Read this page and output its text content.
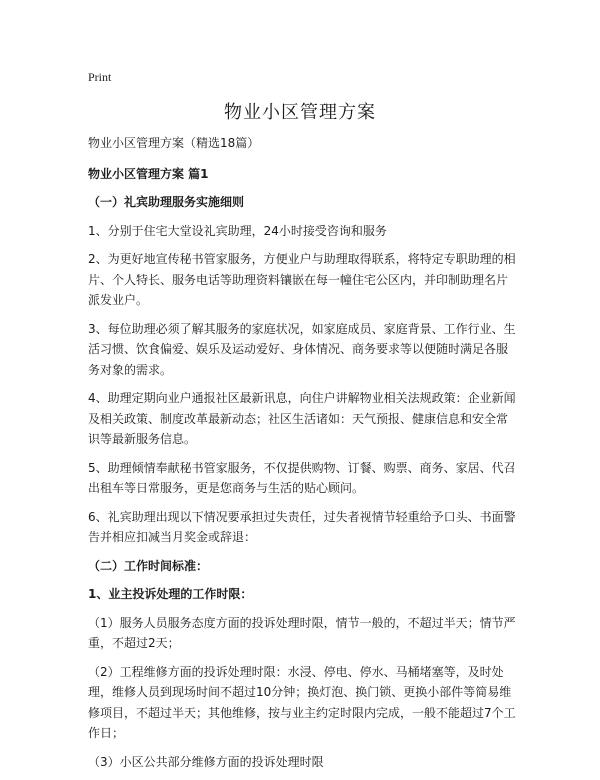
Print
物业小区管理方案

物业小区管理方案（精选18篇）

物业小区管理方案 篇1

（一）礼宾助理服务实施细则

1、分别于住宅大堂设礼宾助理，24小时接受咨询和服务

2、为更好地宣传秘书管家服务，方便业户与助理取得联系，将特定专职助理的相片、个人特长、服务电话等助理资料镶嵌在每一幢住宅公区内，并印制助理名片派发业户。

3、每位助理必须了解其服务的家庭状况，如家庭成员、家庭背景、工作行业、生活习惯、饮食偏爱、娱乐及运动爱好、身体情况、商务要求等以便随时满足各服务对象的需求。

4、助理定期向业户通报社区最新讯息，向住户讲解物业相关法规政策：企业新闻及相关政策、制度改革最新动态；社区生活诸如：天气预报、健康信息和安全常识等最新服务信息。

5、助理倾情奉献秘书管家服务，不仅提供购物、订餐、购票、商务、家居、代召出租车等日常服务，更是您商务与生活的贴心顾问。

6、礼宾助理出现以下情况要承担过失责任，过失者视情节轻重给予口头、书面警告并相应扣减当月奖金或辞退：

（二）工作时间标准：

1、业主投诉处理的工作时限：

（1）服务人员服务态度方面的投诉处理时限，情节一般的，不超过半天；情节严重，不超过2天；

（2）工程维修方面的投诉处理时限：水浸、停电、停水、马桶堵塞等，及时处理，维修人员到现场时间不超过10分钟；换灯泡、换门锁、更换小部件等简易维修项目，不超过半天；其他维修，按与业主约定时限内完成，一般不能超过7个工作日；

（3）小区公共部分维修方面的投诉处理时限
